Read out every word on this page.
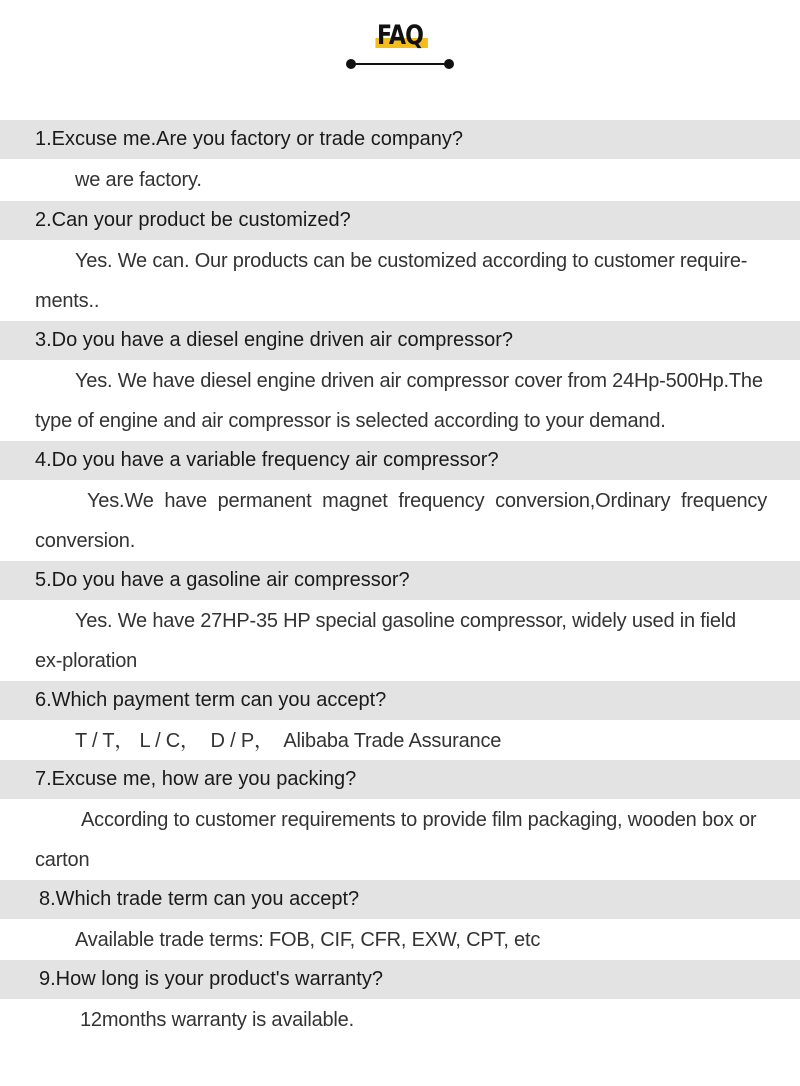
FAQ
1.Excuse me.Are you factory or trade company?
we are factory.
2.Can your product be customized?
Yes. We can. Our products can be customized according to customer require-ments..
3.Do you have a diesel engine driven air compressor?
Yes. We have diesel engine driven air compressor cover from 24Hp-500Hp.The type of engine and air compressor is selected according to your demand.
4.Do you have a variable frequency air compressor?
Yes.We have permanent magnet frequency conversion,Ordinary frequency conversion.
5.Do you have a gasoline air compressor?
Yes. We have 27HP-35 HP special gasoline compressor, widely used in field ex-ploration
6.Which payment term can you accept?
T / T， L / C，  D / P，  Alibaba Trade Assurance
7.Excuse me, how are you packing?
According to customer requirements to provide film packaging, wooden box or carton
8.Which trade term can you accept?
Available trade terms: FOB, CIF, CFR, EXW, CPT, etc
9.How long is your product's warranty?
12months warranty is available.
